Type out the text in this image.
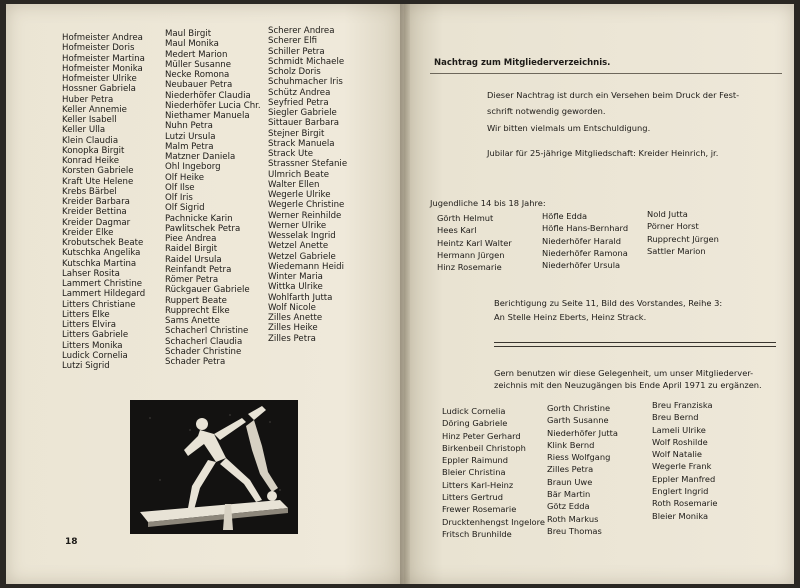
Hofmeister Andrea
Hofmeister Doris
Hofmeister Martina
Hofmeister Monika
Hofmeister Ulrike
Hossner Gabriela
Huber Petra
Keller Annemie
Keller Isabell
Keller Ulla
Klein Claudia
Konopka Birgit
Konrad Heike
Korsten Gabriele
Kraft Ute Helene
Krebs Bärbel
Kreider Barbara
Kreider Bettina
Kreider Dagmar
Kreider Elke
Krobutschek Beate
Kutschka Angelika
Kutschka Martina
Lahser Rosita
Lammert Christine
Lammert Hildegard
Litters Christiane
Litters Elke
Litters Elvira
Litters Gabriele
Litters Monika
Ludick Cornelia
Lutzi Sigrid
Maul Birgit
Maul Monika
Medert Marion
Müller Susanne
Necke Romona
Neubauer Petra
Niederhöfer Claudia
Niederhöfer Lucia Chr.
Niethamer Manuela
Nuhn Petra
Lutzi Ursula
Malm Petra
Matzner Daniela
Ohl Ingeborg
Olf Heike
Olf Ilse
Olf Iris
Olf Sigrid
Pachnicke Karin
Pawlitschek Petra
Piee Andrea
Raidel Birgit
Raidel Ursula
Reinfandt Petra
Römer Petra
Rückgauer Gabriele
Ruppert Beate
Rupprecht Elke
Sams Anette
Schacherl Christine
Schacherl Claudia
Schader Christine
Schader Petra
Scherer Andrea
Scherer Elfi
Schiller Petra
Schmidt Michaele
Scholz Doris
Schuhmacher Iris
Schütz Andrea
Seyfried Petra
Siegler Gabriele
Sittauer Barbara
Stejner Birgit
Strack Manuela
Strack Ute
Strassner Stefanie
Ulmrich Beate
Walter Ellen
Wegerle Ulrike
Wegerle Christine
Werner Reinhilde
Werner Ulrike
Wesselak Ingrid
Wetzel Anette
Wetzel Gabriele
Wiedemann Heidi
Winter Maria
Wittka Ulrike
Wohlfarth Jutta
Wolf Nicole
Zilles Anette
Zilles Heike
Zilles Petra
18
Nachtrag zum Mitgliederverzeichnis.
Dieser Nachtrag ist durch ein Versehen beim Druck der Fest-
schrift notwendig geworden.
Wir bitten vielmals um Entschuldigung.
Jubilar für 25-jährige Mitgliedschaft: Kreider Heinrich, jr.
Jugendliche 14 bis 18 Jahre:
Görth Helmut
Hees Karl
Heintz Karl Walter
Hermann Jürgen
Hinz Rosemarie
Höfle Edda
Höfle Hans-Bernhard
Niederhöfer Harald
Niederhöfer Ramona
Niederhöfer Ursula
Nold Jutta
Pörner Horst
Rupprecht Jürgen
Sattler Marion
Berichtigung zu Seite 11, Bild des Vorstandes, Reihe 3:
An Stelle Heinz Eberts, Heinz Strack.
Gern benutzen wir diese Gelegenheit, um unser Mitgliederver-
zeichnis mit den Neuzugängen bis Ende April 1971 zu ergänzen.
Ludick Cornelia
Döring Gabriele
Hinz Peter Gerhard
Birkenbeil Christoph
Eppler Raimund
Bleier Christina
Litters Karl-Heinz
Litters Gertrud
Frewer Rosemarie
Drucktenhengst Ingelore
Fritsch Brunhilde
Gorth Christine
Garth Susanne
Niederhöfer Jutta
Klink Bernd
Riess Wolfgang
Zilles Petra
Braun Uwe
Bär Martin
Götz Edda
Roth Markus
Breu Thomas
Breu Franziska
Breu Bernd
Lameli Ulrike
Wolf Roshilde
Wolf Natalie
Wegerle Frank
Eppler Manfred
Englert Ingrid
Roth Rosemarie
Bleier Monika
